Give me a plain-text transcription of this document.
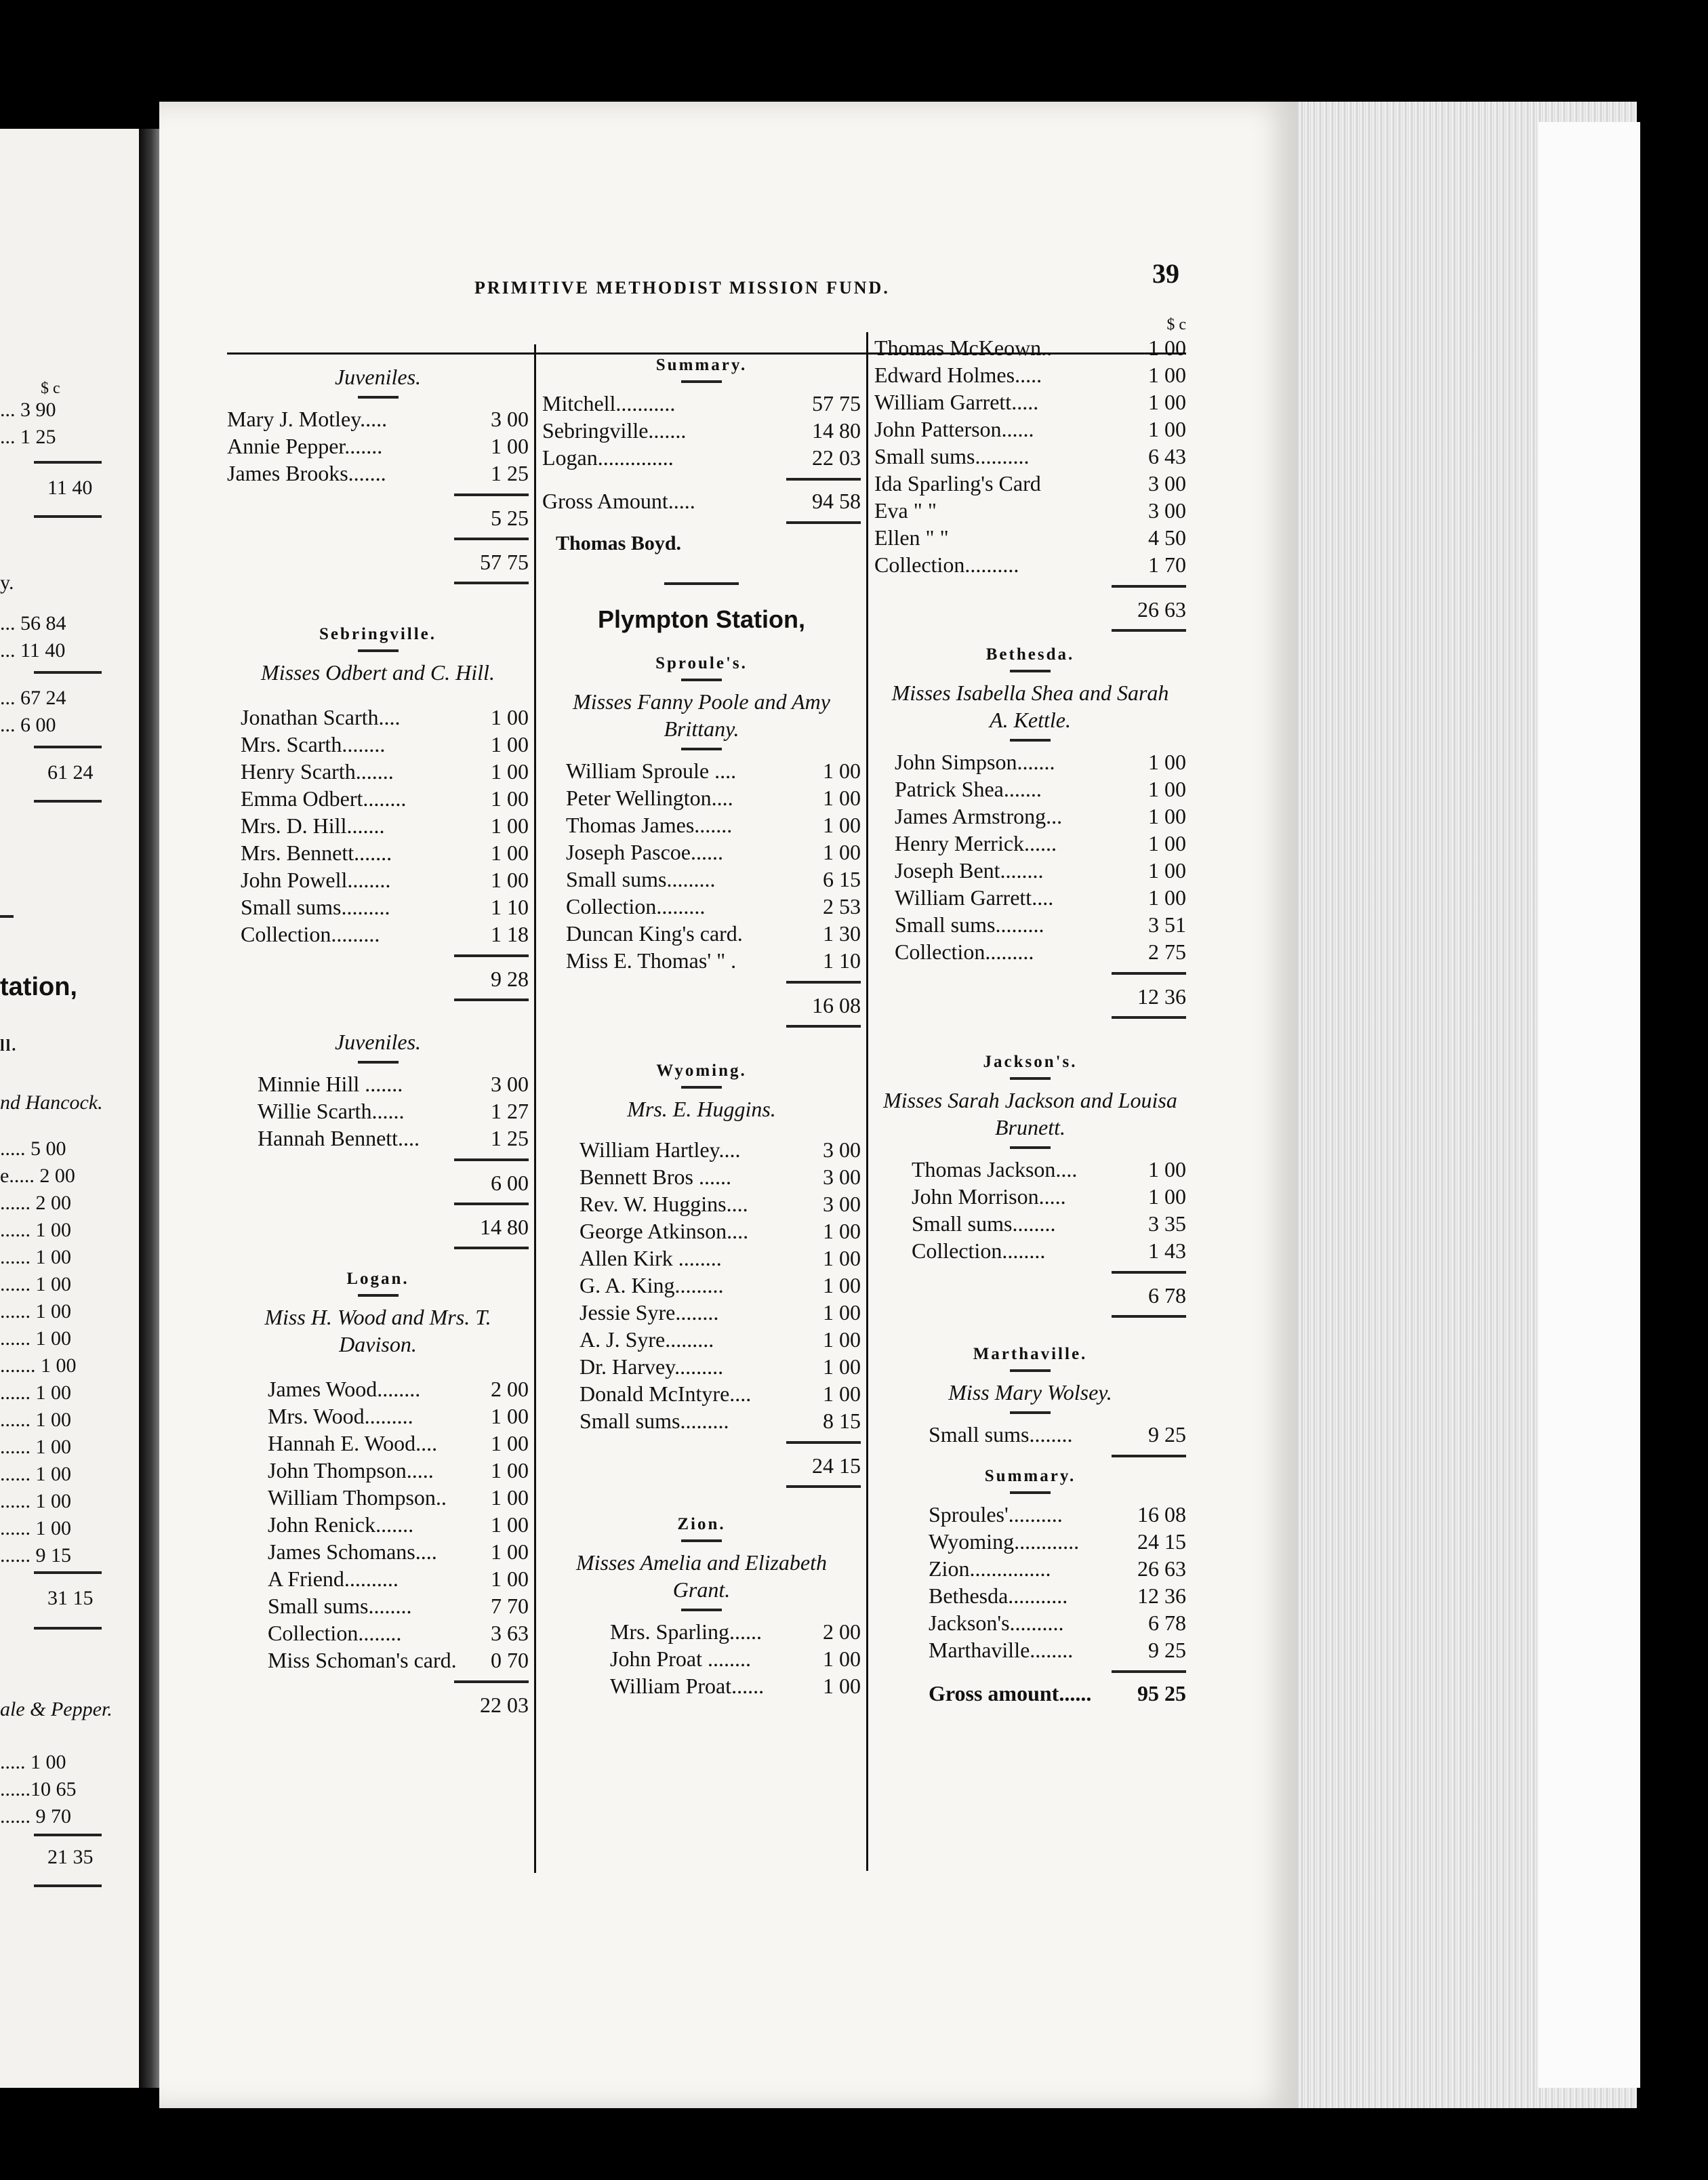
$ c
... 3 90
... 1 25
11 40
y.
... 56 84
... 11 40
... 67 24
... 6 00
61 24
tation,
ll.
nd Hancock.
..... 5 00
e..... 2 00
...... 2 00
...... 1 00
...... 1 00
...... 1 00
...... 1 00
...... 1 00
....... 1 00
...... 1 00
...... 1 00
...... 1 00
...... 1 00
...... 1 00
...... 1 00
...... 9 15
31 15
ale & Pepper.
..... 1 00
......10 65
...... 9 70
21 35
39
PRIMITIVE METHODIST MISSION FUND.
Juveniles.
Mary J. Motley.....	3 00
Annie Pepper.......	1 00
James Brooks.......	1 25
5 25
57 75
Sebringville.
Misses Odbert and C. Hill.
Jonathan Scarth....	1 00
Mrs. Scarth........	1 00
Henry Scarth.......	1 00
Emma Odbert........	1 00
Mrs. D. Hill.......	1 00
Mrs. Bennett.......	1 00
John Powell........	1 00
Small sums.........	1 10
Collection.........	1 18
9 28
Juveniles.
Minnie Hill .......	3 00
Willie Scarth......	1 27
Hannah Bennett....	1 25
6 00
14 80
Logan.
Miss H. Wood and Mrs. T. Davison.
James Wood........	2 00
Mrs. Wood.........	1 00
Hannah E. Wood....	1 00
John Thompson.....	1 00
William Thompson..	1 00
John Renick.......	1 00
James Schomans....	1 00
A Friend..........	1 00
Small sums........	7 70
Collection........	3 63
Miss Schoman's card.	0 70
22 03
Summary.
Mitchell...........	57 75
Sebringville.......	14 80
Logan..............	22 03
Gross Amount.....	94 58
Thomas Boyd.
Plympton Station,
Sproule's.
Misses Fanny Poole and Amy Brittany.
William Sproule ....	1 00
Peter Wellington....	1 00
Thomas James.......	1 00
Joseph Pascoe......	1 00
Small sums.........	6 15
Collection.........	2 53
Duncan King's card.	1 30
Miss E. Thomas' " .	1 10
16 08
Wyoming.
Mrs. E. Huggins.
William Hartley....	3 00
Bennett Bros ......	3 00
Rev. W. Huggins....	3 00
George Atkinson....	1 00
Allen Kirk ........	1 00
G. A. King.........	1 00
Jessie Syre........	1 00
A. J. Syre.........	1 00
Dr. Harvey.........	1 00
Donald McIntyre....	1 00
Small sums.........	8 15
24 15
Zion.
Misses Amelia and Elizabeth Grant.
Mrs. Sparling......	2 00
John Proat ........	1 00
William Proat......	1 00
$ c
Thomas McKeown..	1 00
Edward Holmes.....	1 00
William Garrett.....	1 00
John Patterson......	1 00
Small sums..........	6 43
Ida Sparling's Card	3 00
Eva " "	3 00
Ellen " "	4 50
Collection..........	1 70
26 63
Bethesda.
Misses Isabella Shea and Sarah A. Kettle.
John Simpson.......	1 00
Patrick Shea.......	1 00
James Armstrong...	1 00
Henry Merrick......	1 00
Joseph Bent........	1 00
William Garrett....	1 00
Small sums.........	3 51
Collection.........	2 75
12 36
Jackson's.
Misses Sarah Jackson and Louisa Brunett.
Thomas Jackson....	1 00
John Morrison.....	1 00
Small sums........	3 35
Collection........	1 43
6 78
Marthaville.
Miss Mary Wolsey.
Small sums........	9 25
Summary.
Sproules'..........	16 08
Wyoming............	24 15
Zion...............	26 63
Bethesda...........	12 36
Jackson's..........	6 78
Marthaville........	9 25
Gross amount......	95 25
